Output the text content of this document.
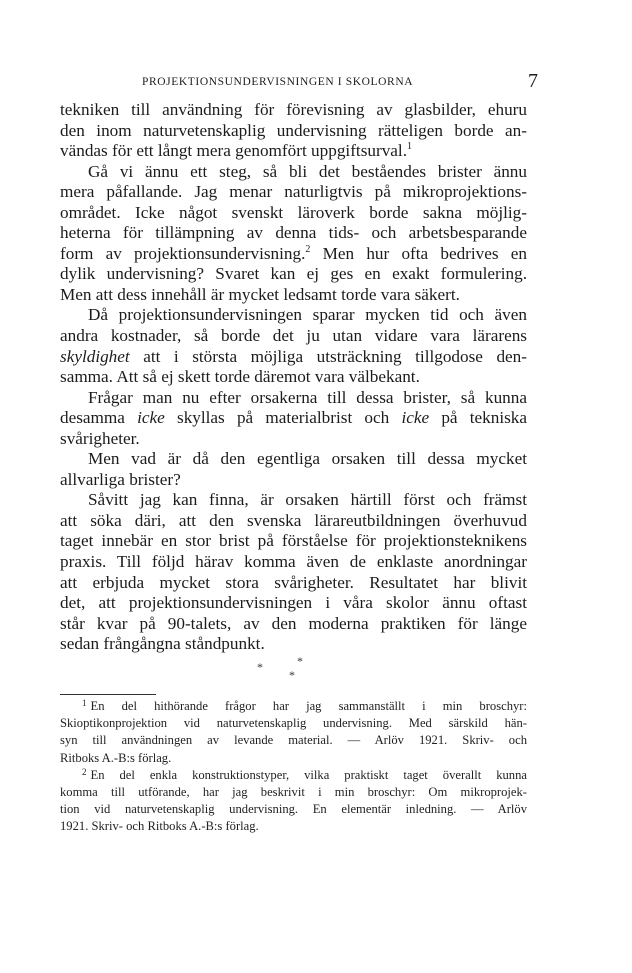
PROJEKTIONSUNDERVISNINGEN I SKOLORNA	7
tekniken till användning för förevisning av glasbilder, ehuru
den inom naturvetenskaplig undervisning rätteligen borde an-
vändas för ett långt mera genomfört uppgiftsurval.$^1$
Gå vi ännu ett steg, så bli det beståendes brister ännu
mera påfallande. Jag menar naturligtvis på mikroprojektions-
området. Icke något svenskt läroverk borde sakna möjlig-
heterna för tillämpning av denna tids- och arbetsbesparande
form av projektionsundervisning.$^2$ Men hur ofta bedrives en
dylik undervisning? Svaret kan ej ges en exakt formulering.
Men att dess innehåll är mycket ledsamt torde vara säkert.
Då projektionsundervisningen sparar mycken tid och även
andra kostnader, så borde det ju utan vidare vara lärarens
skyldighet att i största möjliga utsträckning tillgodose den-
samma. Att så ej skett torde däremot vara välbekant.
Frågar man nu efter orsakerna till dessa brister, så kunna
desamma icke skyllas på materialbrist och icke på tekniska
svårigheter.
Men vad är då den egentliga orsaken till dessa mycket
allvarliga brister?
Såvitt jag kan finna, är orsaken härtill först och främst
att söka däri, att den svenska lärareutbildningen överhuvud
taget innebär en stor brist på förståelse för projektionsteknikens
praxis. Till följd härav komma även de enklaste anordningar
att erbjuda mycket stora svårigheter. Resultatet har blivit
det, att projektionsundervisningen i våra skolor ännu oftast
står kvar på 90-talets, av den moderna praktiken för länge
sedan frångångna ståndpunkt.
*	*
*
$^1$ En del hithörande frågor har jag sammanställt i min broschyr:
Skioptikonprojektion vid naturvetenskaplig undervisning. Med särskild hän-
syn till användningen av levande material. — Arlöv 1921. Skriv- och
Ritboks A.-B:s förlag.
$^2$ En del enkla konstruktionstyper, vilka praktiskt taget överallt kunna
komma till utförande, har jag beskrivit i min broschyr: Om mikroprojek-
tion vid naturvetenskaplig undervisning. En elementär inledning. — Arlöv
1921. Skriv- och Ritboks A.-B:s förlag.
